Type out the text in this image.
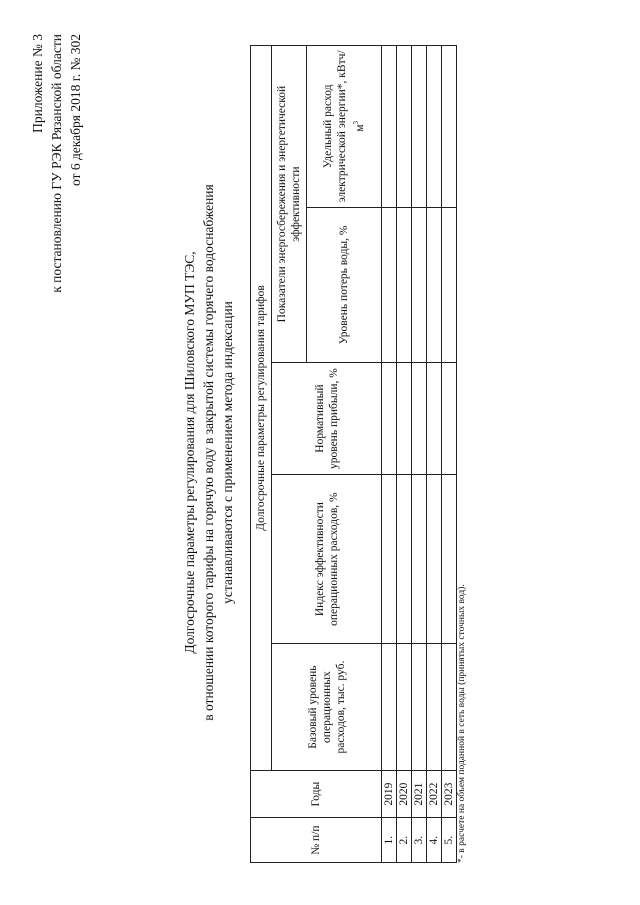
Приложение № 3 к постановлению ГУ РЭК Рязанской области от 6 декабря 2018 г. № 302
Долгосрочные параметры регулирования для Шиловского МУП ТЭС, в отношении которого тарифы на горячую воду в закрытой системы горячего водоснабжения устанавливаются с применением метода индексации
№ п/п	Годы	Долгосрочные параметры регулирования тарифов				
		Базовый уровень операционных расходов, тыс. руб.	Индекс эффективности операционных расходов, %	Нормативный уровень прибыли, %	Показатели энергосбережения и энергетической эффективности	
					Уровень потерь воды, %	Удельный расход электрической энергии*, кВтч/$м^3$
1.	2019					
2.	2020					
3.	2021					
4.	2022					
5.	2023					*- в расчете на объем поданной в сеть воды (принятых сточных вод).
